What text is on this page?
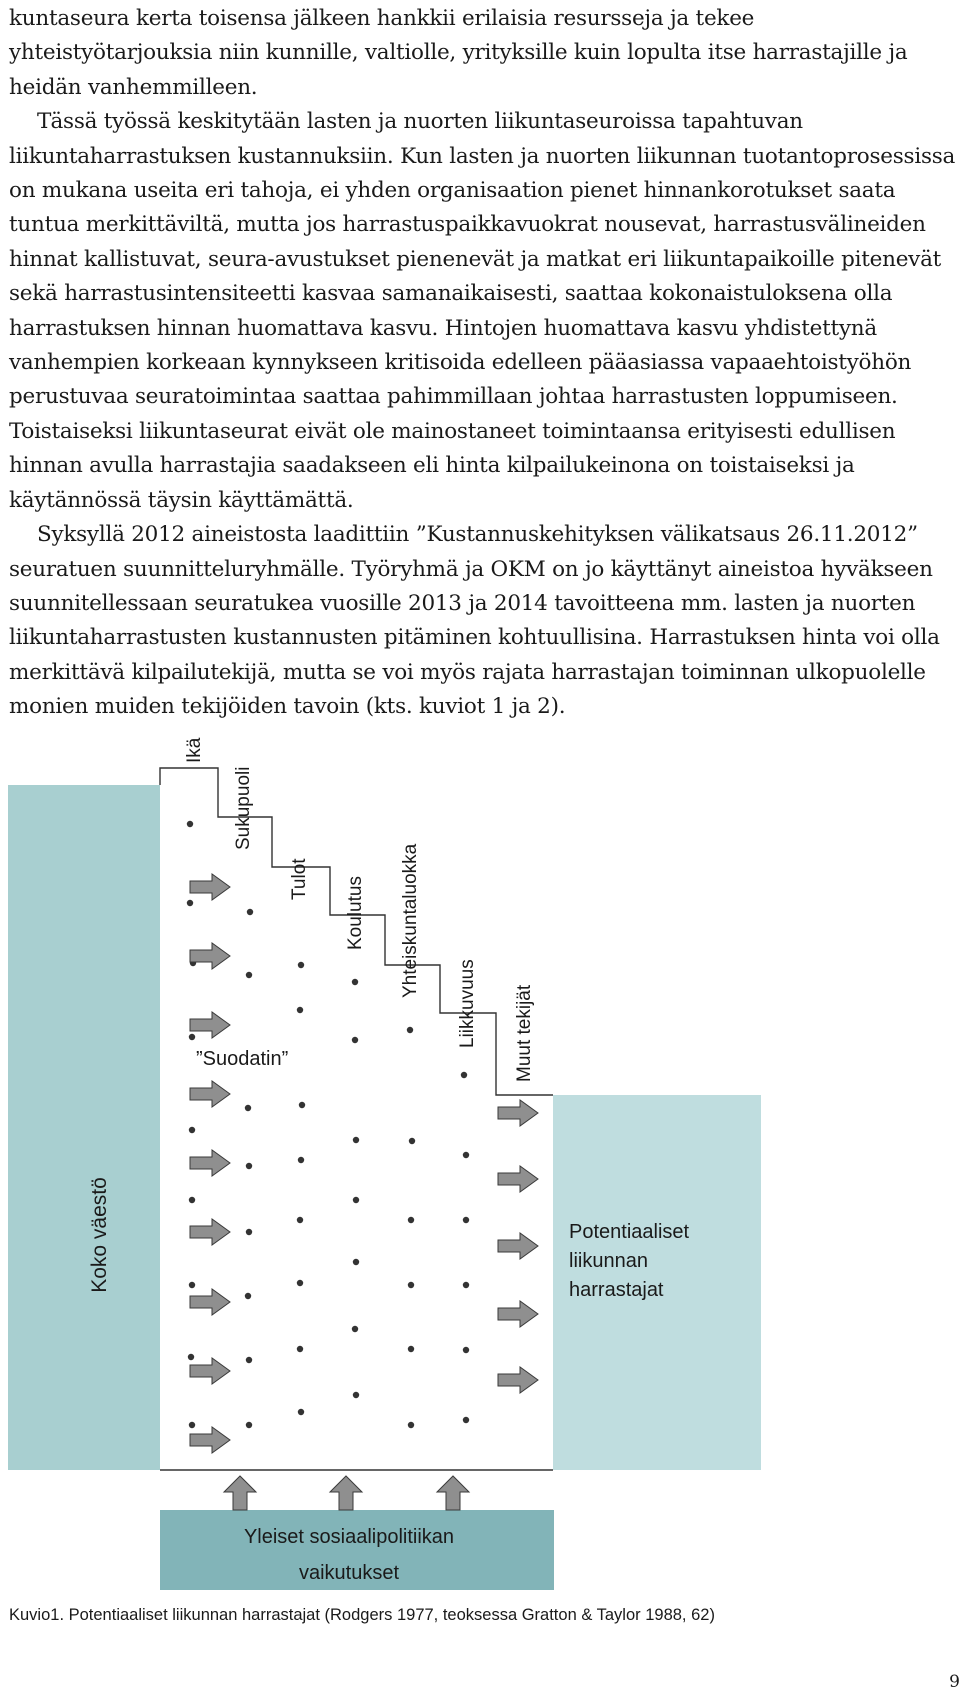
kuntaseura kerta toisensa jälkeen hankkii erilaisia resursseja ja tekee yhteistyötarjouksia niin kunnille, valtiolle, yrityksille kuin lopulta itse harrastajille ja heidän vanhemmilleen.

Tässä työssä keskitytään lasten ja nuorten liikuntaseuroissa tapahtuvan liikuntaharrastuksen kustannuksiin. Kun lasten ja nuorten liikunnan tuotantoprosessissa on mukana useita eri tahoja, ei yhden organisaation pienet hinnankorotukset saata tuntua merkittäviltä, mutta jos harrastuspaikkavuokrat nousevat, harrastusvälineiden hinnat kallistuvat, seura-avustukset pienenevät ja matkat eri liikuntapaikoille pitenevät sekä harrastusintensiteetti kasvaa samanaikaisesti, saattaa kokonaistuloksena olla harrastuksen hinnan huomattava kasvu. Hintojen huomattava kasvu yhdistettynä vanhempien korkeaan kynnykseen kritisoida edelleen pääasiassa vapaaehtoistyöhön perustuvaa seuratoimintaa saattaa pahimmillaan johtaa harrastusten loppumiseen. Toistaiseksi liikuntaseurat eivät ole mainostaneet toimintaansa erityisesti edullisen hinnan avulla harrastajia saadakseen eli hinta kilpailukeinona on toistaiseksi ja käytännössä täysin käyttämättä.

Syksyllä 2012 aineistosta laadittiin ”Kustannuskehityksen välikatsaus 26.11.2012” seuratuen suunnitteluryhmälle. Työryhmä ja OKM on jo käyttänyt aineistoa hyväkseen suunnitellessaan seuratukea vuosille 2013 ja 2014 tavoitteena mm. lasten ja nuorten liikuntaharrastusten kustannusten pitäminen kohtuullisina. Harrastuksen hinta voi olla merkittävä kilpailutekijä, mutta se voi myös rajata harrastajan toiminnan ulkopuolelle monien muiden tekijöiden tavoin (kts. kuviot 1 ja 2).

Koko väestö	Potentiaaliset
liikunnan
harrastajat
Yleiset sosiaalipolitiikan
vaikutukset
”Suodatin”
Ikä
Sukupuoli
Tulot Koulutus Yhteiskuntaluokka
Liikkuvuus Muut tekijät
Kuvio1. Potentiaaliset liikunnan harrastajat (Rodgers 1977, teoksessa Gratton & Taylor 1988, 62)
9
